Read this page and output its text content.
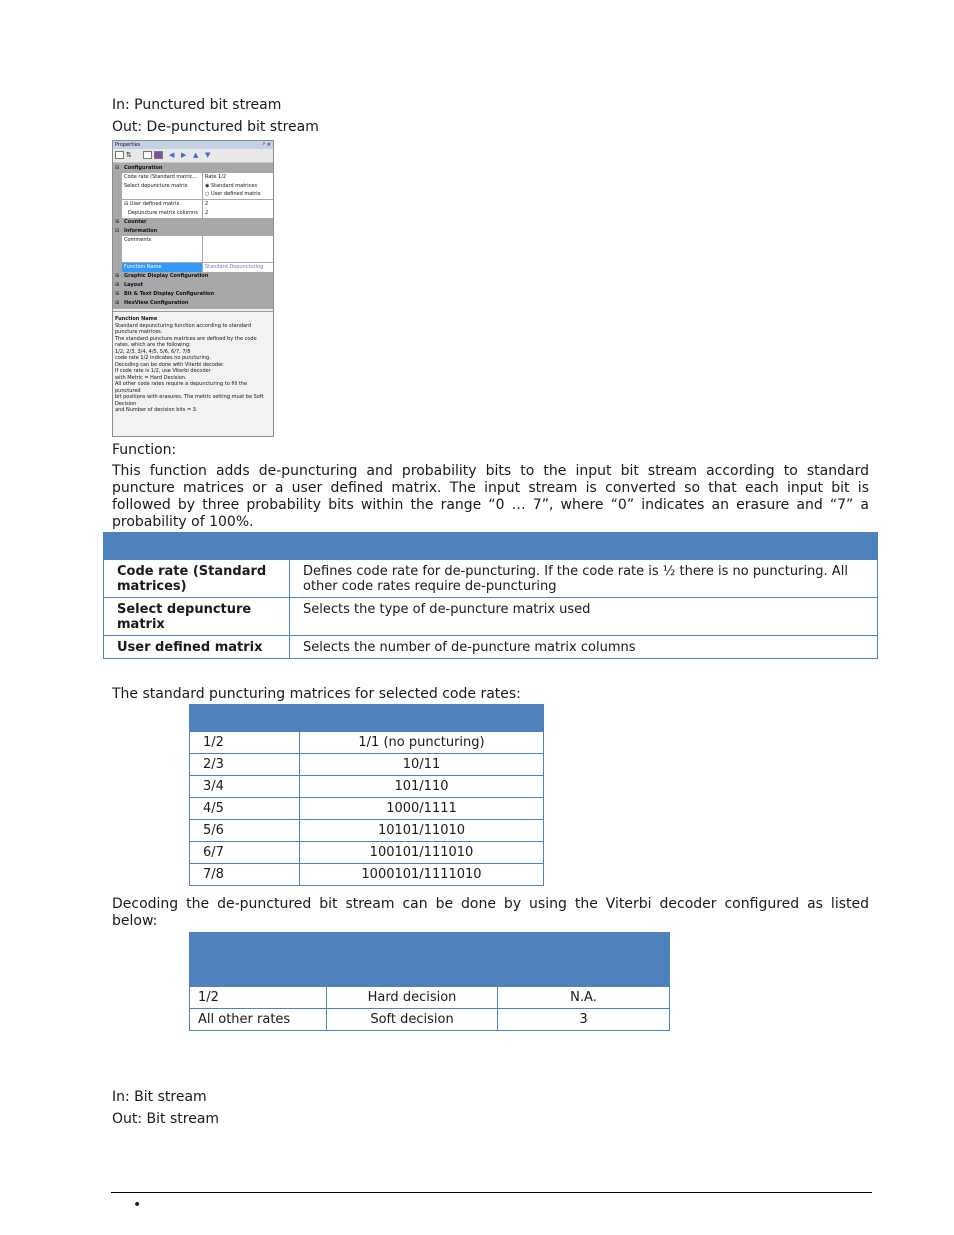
In: Punctured bit stream
Out: De-punctured bit stream
Properties	ᵖ ✕
⇅	◀ ▶ ▲ ▼
⊟ Configuration
Code rate (Standard matric...	Rate 1/2
Select depuncture matrix	◉ Standard matrices
○ User defined matrix
⊟ User defined matrix	2
Depuncture matrix columns	2
⊞ Counter
⊟ Information
Comments
Function Name	Standard Depuncturing
⊞ Graphic Display Configuration
⊞ Layout
⊞ Bit & Text Display Configuration
⊞ HexView Configuration
Function Name
Standard depuncturing function according to standard
puncture matrices.
The standard puncture matrices are defined by the code
rates, which are the following:
1/2, 2/3, 3/4, 4/5, 5/6, 6/7, 7/8
code rate 1/2 indicates no puncturing.
Decoding can be done with Viterbi decoder.
If code rate is 1/2, use Viterbi decoder
with Metric = Hard Decision.
All other code rates require a depuncturing to fill the
punctured
bit positions with erasures. The metric setting must be Soft
Decision
and Number of decision bits = 3.
Function:
This function adds de-puncturing and probability bits to the input bit stream according to standard
puncture matrices or a user defined matrix. The input stream is converted so that each input bit is
followed by three probability bits within the range “0 … 7”, where “0” indicates an erasure and “7” a
probability of 100%.

Code rate (Standard matrices)	Defines code rate for de-puncturing. If the code rate is ½ there is no puncturing. All other code rates require de-puncturing
Select depuncture matrix	Selects the type of de-puncture matrix used
User defined matrix	Selects the number of de-puncture matrix columns
The standard puncturing matrices for selected code rates:

1/2	1/1 (no puncturing)
2/3	10/11
3/4	101/110
4/5	1000/1111
5/6	10101/11010
6/7	100101/111010
7/8	1000101/1111010
Decoding the de-punctured bit stream can be done by using the Viterbi decoder configured as listed
below:

1/2	Hard decision	N.A.
All other rates	Soft decision	3
In: Bit stream
Out: Bit stream
•
